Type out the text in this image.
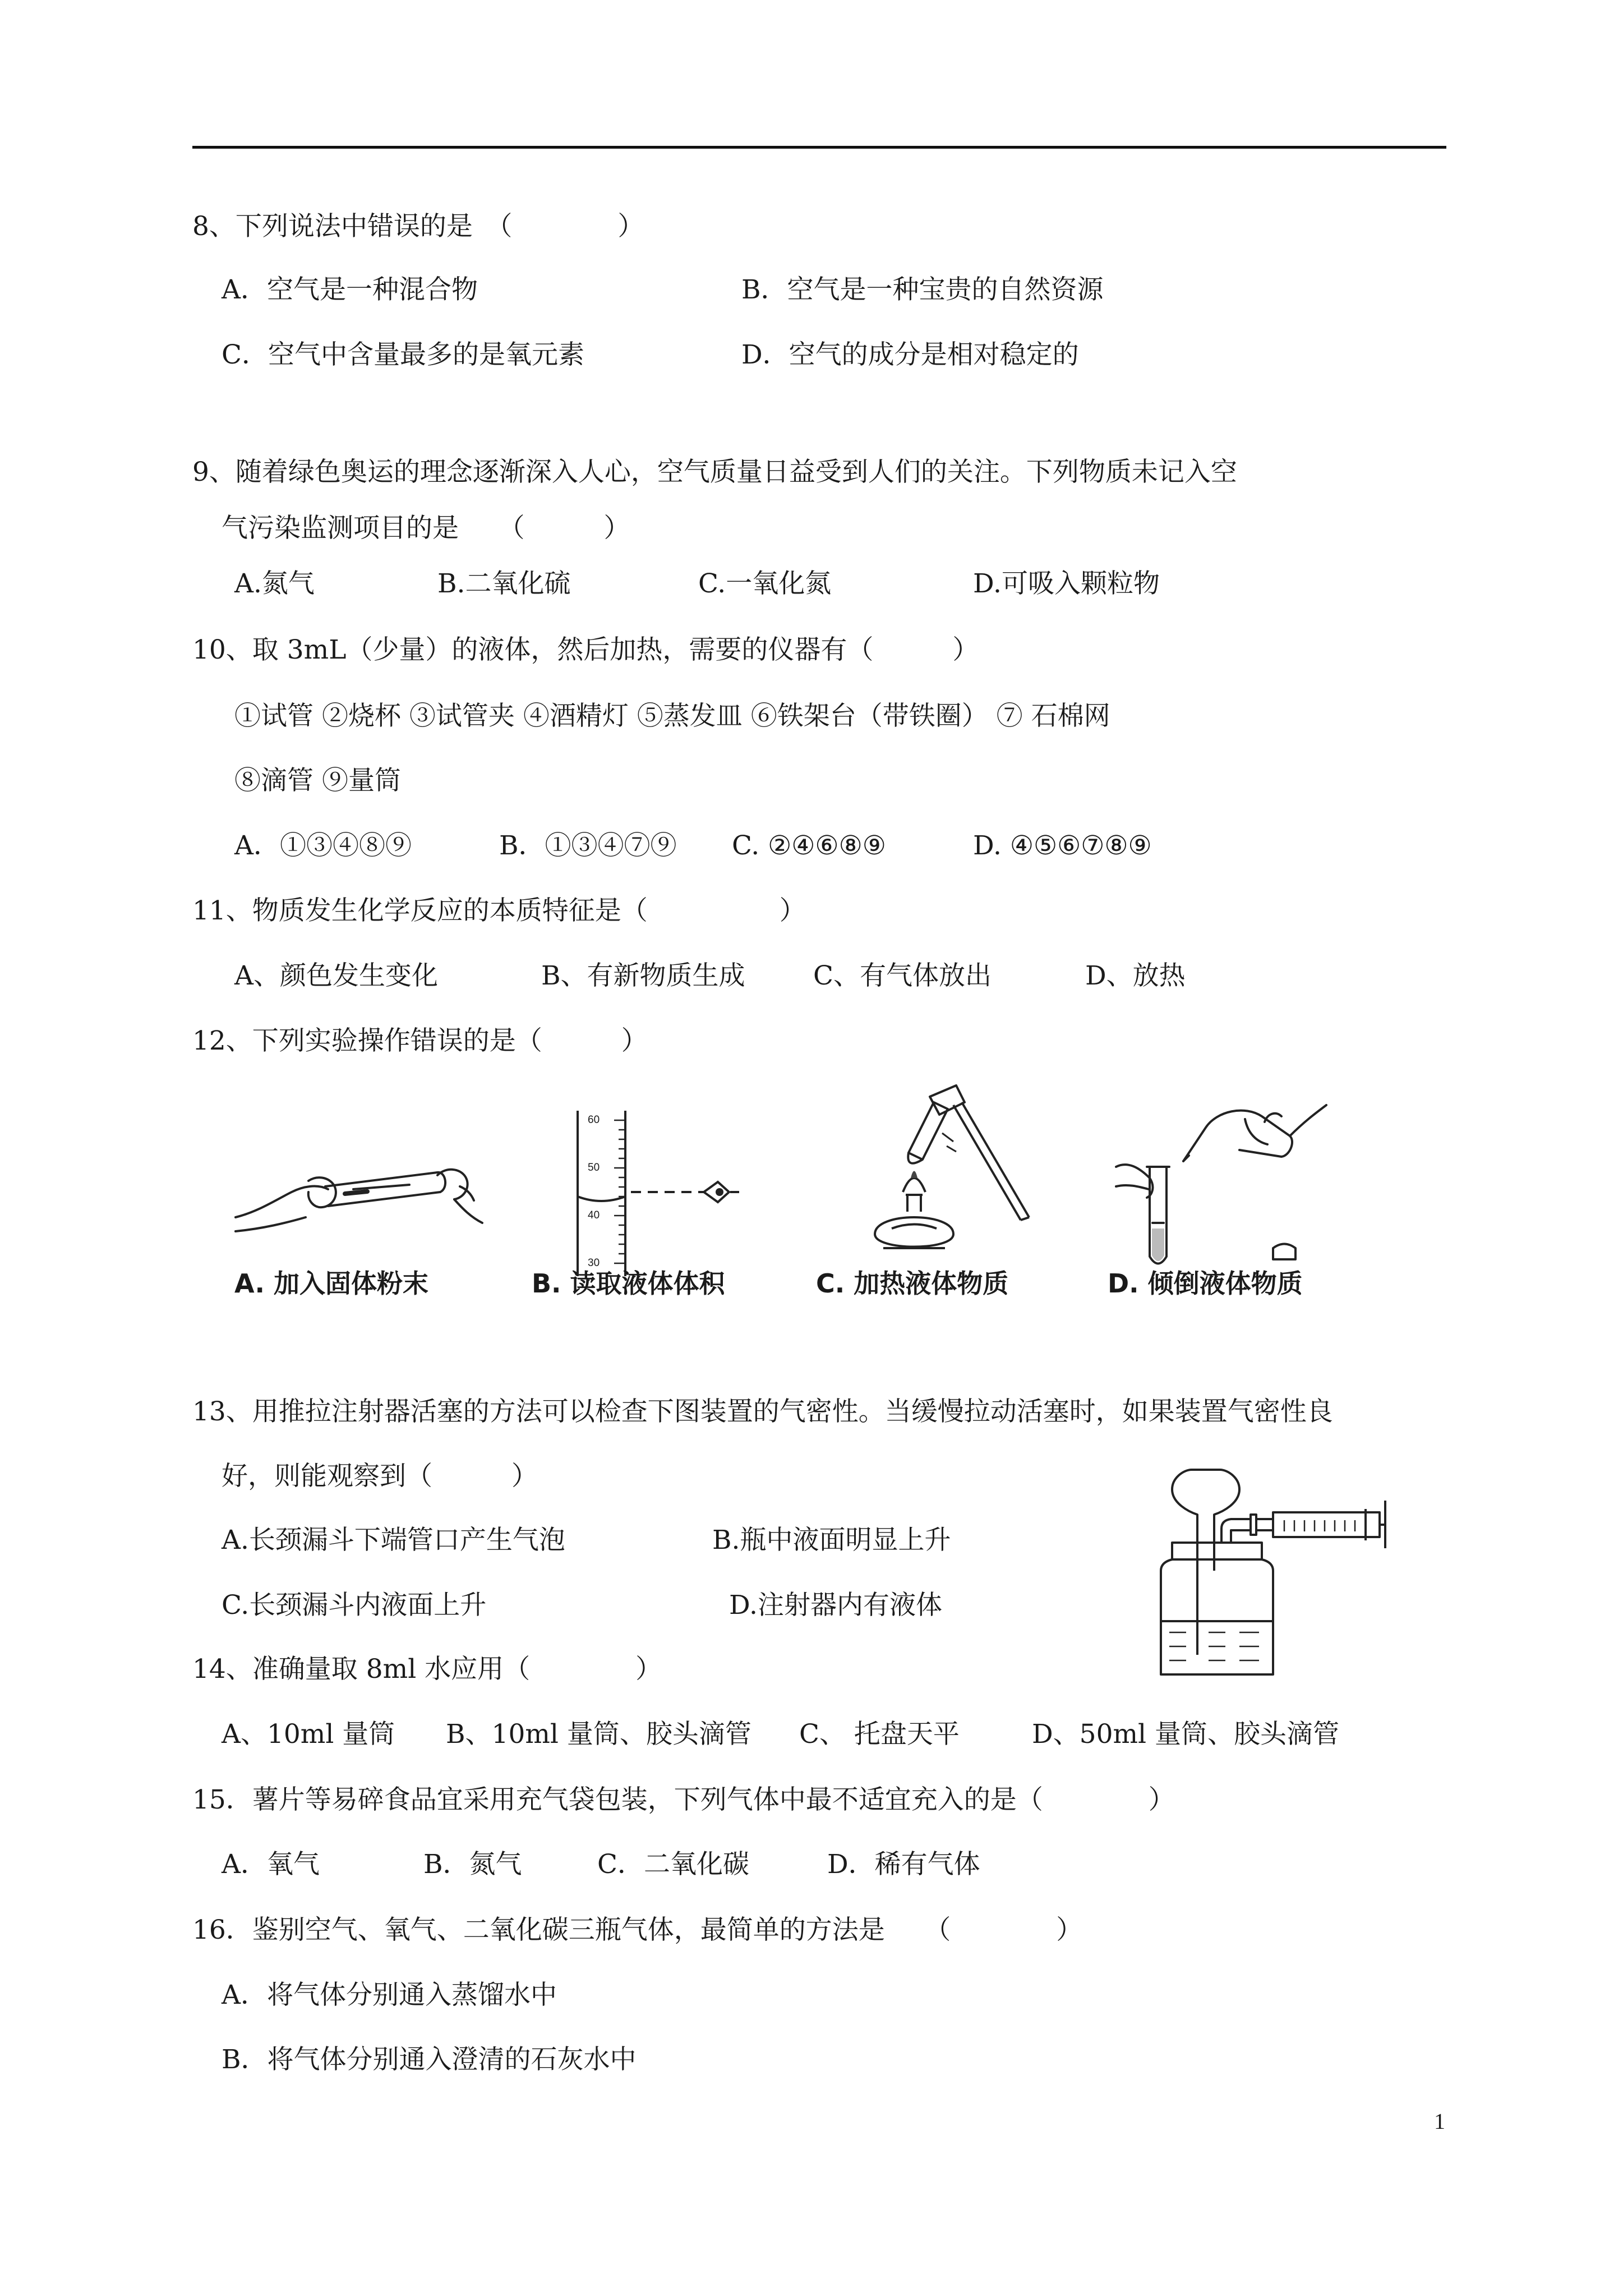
8、下列说法中错误的是　（　　　　）
A．空气是一种混合物	B．空气是一种宝贵的自然资源
C．空气中含量最多的是氧元素	D．空气的成分是相对稳定的
9、随着绿色奥运的理念逐渐深入人心，空气质量日益受到人们的关注。下列物质未记入空
气污染监测项目的是　　（　　　）
A.氮气	B.二氧化硫	C.一氧化氮	D.可吸入颗粒物
10、取 3mL（少量）的液体，然后加热，需要的仪器有（　　　）
①试管 ②烧杯 ③试管夹 ④酒精灯 ⑤蒸发皿 ⑥铁架台（带铁圈） ⑦ 石棉网
⑧滴管 ⑨量筒
A．①③④⑧⑨	B．①③④⑦⑨ C. ②④⑥⑧⑨	D. ④⑤⑥⑦⑧⑨
11、物质发生化学反应的本质特征是（　　　　　）
A、颜色发生变化	B、有新物质生成	C、有气体放出	D、放热
12、下列实验操作错误的是（　　　）
A. 加入固体粉末
60
50
40
30
B. 读取液体体积	C. 加热液体物质	D. 倾倒液体物质
13、用推拉注射器活塞的方法可以检查下图装置的气密性。当缓慢拉动活塞时，如果装置气密性良
好，则能观察到（　　　）
A.长颈漏斗下端管口产生气泡	B.瓶中液面明显上升
C.长颈漏斗内液面上升	D.注射器内有液体
14、准确量取 8ml 水应用（　　　　）
A、10ml 量筒 B、10ml 量筒、胶头滴管 C、 托盘天平	D、50ml 量筒、胶头滴管
15．薯片等易碎食品宜采用充气袋包装，下列气体中最不适宜充入的是（　　　　）
A．氧气	B．氮气	C．二氧化碳	D．稀有气体
16．鉴别空气、氧气、二氧化碳三瓶气体，最简单的方法是　　（　　　　）
A．将气体分别通入蒸馏水中
B．将气体分别通入澄清的石灰水中
1
